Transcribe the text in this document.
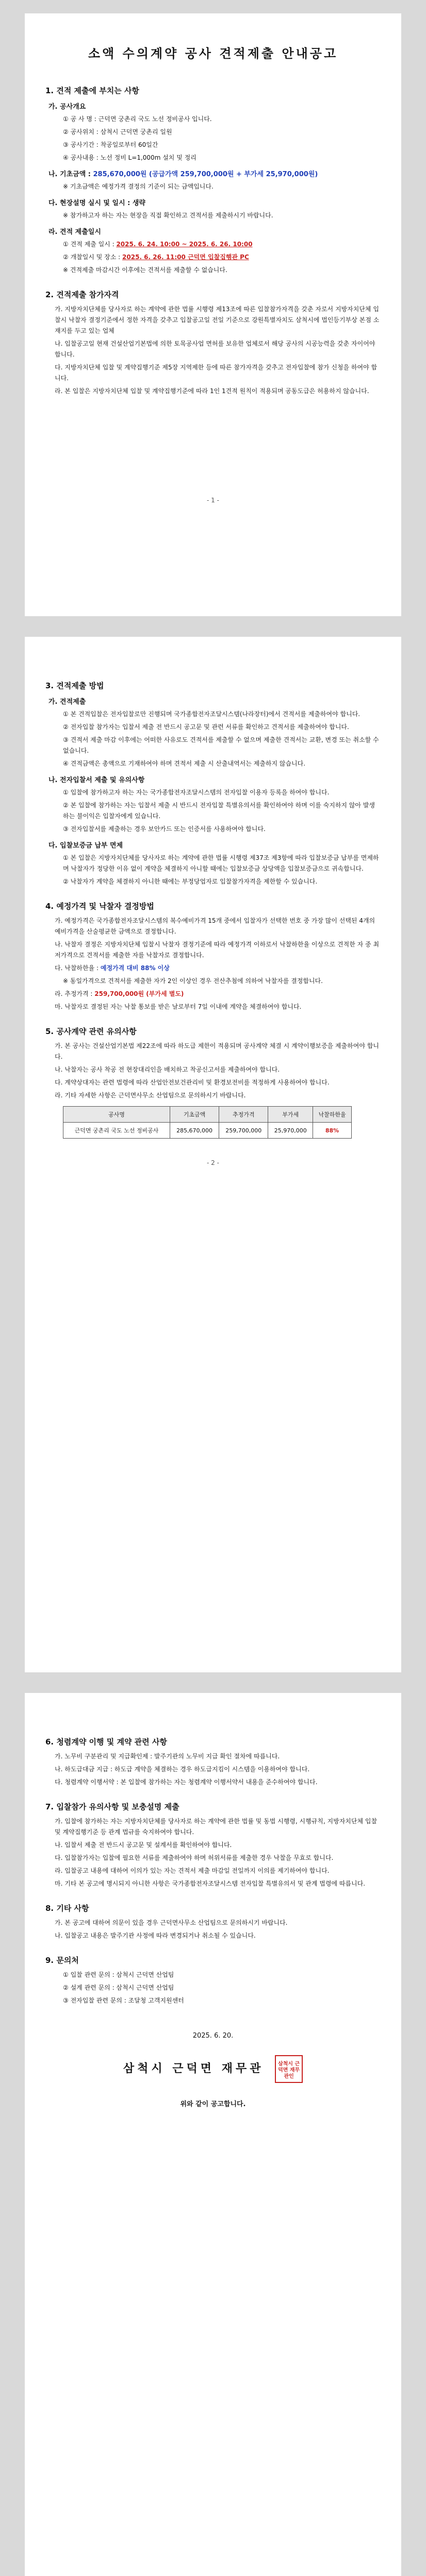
소액 수의계약 공사 견적제출 안내공고
1. 견적 제출에 부치는 사항
가. 공사개요

① 공 사 명 : 근덕면 궁촌리 국도 노선 정비공사 입니다.

② 공사위치 : 삼척시 근덕면 궁촌리 일원

③ 공사기간 : 착공일로부터 60일간

④ 공사내용 : 노선 정비 L=1,000m 설치 및 정리

나. 기초금액 : 285,670,000원 (공급가액 259,700,000원 + 부가세 25,970,000원)

※ 기초금액은 예정가격 결정의 기준이 되는 금액입니다.

다. 현장설명 실시 및 일시 : 생략

※ 참가하고자 하는 자는 현장을 직접 확인하고 견적서를 제출하시기 바랍니다.

라. 견적 제출일시

① 견적 제출 일시 : 2025. 6. 24. 10:00 ~ 2025. 6. 26. 10:00

② 개찰일시 및 장소 : 2025. 6. 26. 11:00 근덕면 입찰집행관 PC

※ 견적제출 마감시간 이후에는 견적서를 제출할 수 없습니다.

2. 견적제출 참가자격

가. 지방자치단체를 당사자로 하는 계약에 관한 법률 시행령 제13조에 따른 입찰참가자격을 갖춘 자로서 지방자치단체 입찰시 낙찰자 결정기준에서 정한 자격을 갖추고 입찰공고일 전일 기준으로 강원특별자치도 삼척시에 법인등기부상 본점 소재지를 두고 있는 업체

나. 입찰공고일 현재 건설산업기본법에 의한 토목공사업 면허를 보유한 업체로서 해당 공사의 시공능력을 갖춘 자이어야 합니다.

다. 지방자치단체 입찰 및 계약집행기준 제5장 지역제한 등에 따른 참가자격을 갖추고 전자입찰에 참가 신청을 하여야 합니다.

라. 본 입찰은 지방자치단체 입찰 및 계약집행기준에 따라 1인 1견적 원칙이 적용되며 공동도급은 허용하지 않습니다.

- 1 -
3. 견적제출 방법
가. 견적제출

① 본 견적입찰은 전자입찰로만 진행되며 국가종합전자조달시스템(나라장터)에서 견적서를 제출하여야 합니다.

② 전자입찰 참가자는 입찰서 제출 전 반드시 공고문 및 관련 서류를 확인하고 견적서를 제출하여야 합니다.

③ 견적서 제출 마감 이후에는 어떠한 사유로도 견적서를 제출할 수 없으며 제출한 견적서는 교환, 변경 또는 취소할 수 없습니다.

④ 견적금액은 총액으로 기재하여야 하며 견적서 제출 시 산출내역서는 제출하지 않습니다.

나. 전자입찰서 제출 및 유의사항

① 입찰에 참가하고자 하는 자는 국가종합전자조달시스템의 전자입찰 이용자 등록을 하여야 합니다.

② 본 입찰에 참가하는 자는 입찰서 제출 시 반드시 전자입찰 특별유의서를 확인하여야 하며 이를 숙지하지 않아 발생하는 불이익은 입찰자에게 있습니다.

③ 전자입찰서를 제출하는 경우 보안카드 또는 인증서를 사용하여야 합니다.

다. 입찰보증금 납부 면제

① 본 입찰은 지방자치단체를 당사자로 하는 계약에 관한 법률 시행령 제37조 제3항에 따라 입찰보증금 납부를 면제하며 낙찰자가 정당한 이유 없이 계약을 체결하지 아니할 때에는 입찰보증금 상당액을 입찰보증금으로 귀속합니다.

② 낙찰자가 계약을 체결하지 아니한 때에는 부정당업자로 입찰참가자격을 제한할 수 있습니다.

4. 예정가격 및 낙찰자 결정방법

가. 예정가격은 국가종합전자조달시스템의 복수예비가격 15개 중에서 입찰자가 선택한 번호 중 가장 많이 선택된 4개의 예비가격을 산술평균한 금액으로 결정합니다.

나. 낙찰자 결정은 지방자치단체 입찰시 낙찰자 결정기준에 따라 예정가격 이하로서 낙찰하한율 이상으로 견적한 자 중 최저가격으로 견적서를 제출한 자를 낙찰자로 결정합니다.

다. 낙찰하한율 : 예정가격 대비 88% 이상

※ 동일가격으로 견적서를 제출한 자가 2인 이상인 경우 전산추첨에 의하여 낙찰자를 결정합니다.

라. 추정가격 : 259,700,000원 (부가세 별도)

마. 낙찰자로 결정된 자는 낙찰 통보를 받은 날로부터 7일 이내에 계약을 체결하여야 합니다.

5. 공사계약 관련 유의사항

가. 본 공사는 건설산업기본법 제22조에 따라 하도급 제한이 적용되며 공사계약 체결 시 계약이행보증을 제출하여야 합니다.

나. 낙찰자는 공사 착공 전 현장대리인을 배치하고 착공신고서를 제출하여야 합니다.

다. 계약상대자는 관련 법령에 따라 산업안전보건관리비 및 환경보전비를 적정하게 사용하여야 합니다.

라. 기타 자세한 사항은 근덕면사무소 산업팀으로 문의하시기 바랍니다.

공사명	기초금액	추정가격	부가세	낙찰하한율
근덕면 궁촌리 국도 노선 정비공사	285,670,000	259,700,000	25,970,000	88%
- 2 -
6. 청렴계약 이행 및 계약 관련 사항

가. 노무비 구분관리 및 지급확인제 : 발주기관의 노무비 지급 확인 절차에 따릅니다.

나. 하도급대금 지급 : 하도급 계약을 체결하는 경우 하도급지킴이 시스템을 이용하여야 합니다.

다. 청렴계약 이행서약 : 본 입찰에 참가하는 자는 청렴계약 이행서약서 내용을 준수하여야 합니다.

7. 입찰참가 유의사항 및 보충설명 제출

가. 입찰에 참가하는 자는 지방자치단체를 당사자로 하는 계약에 관한 법률 및 동법 시행령, 시행규칙, 지방자치단체 입찰 및 계약집행기준 등 관계 법규를 숙지하여야 합니다.

나. 입찰서 제출 전 반드시 공고문 및 설계서를 확인하여야 합니다.

다. 입찰참가자는 입찰에 필요한 서류를 제출하여야 하며 허위서류를 제출한 경우 낙찰을 무효로 합니다.

라. 입찰공고 내용에 대하여 이의가 있는 자는 견적서 제출 마감일 전일까지 이의를 제기하여야 합니다.

마. 기타 본 공고에 명시되지 아니한 사항은 국가종합전자조달시스템 전자입찰 특별유의서 및 관계 법령에 따릅니다.

8. 기타 사항

가. 본 공고에 대하여 의문이 있을 경우 근덕면사무소 산업팀으로 문의하시기 바랍니다.

나. 입찰공고 내용은 발주기관 사정에 따라 변경되거나 취소될 수 있습니다.

9. 문의처

① 입찰 관련 문의 : 삼척시 근덕면 산업팀

② 설계 관련 문의 : 삼척시 근덕면 산업팀

③ 전자입찰 관련 문의 : 조달청 고객지원센터

2025. 6. 20.
삼척시 근덕면 재무관	삼척시 근덕면 재무관인
위와 같이 공고합니다.
